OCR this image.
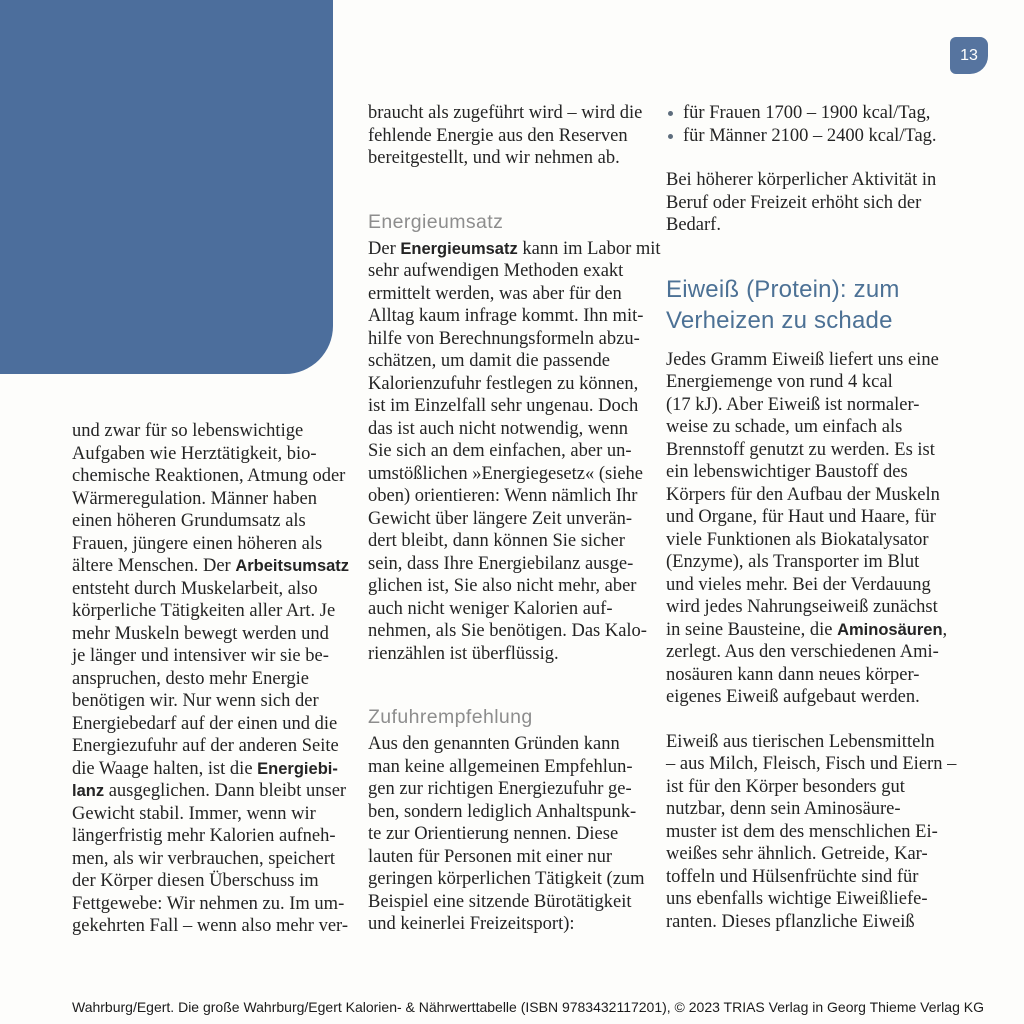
13

und zwar für so lebenswichtige
Aufgaben wie Herztätigkeit, bio-
chemische Reaktionen, Atmung oder
Wärmeregulation. Männer haben
einen höheren Grundumsatz als
Frauen, jüngere einen höheren als
ältere Menschen. Der Arbeitsumsatz
entsteht durch Muskelarbeit, also
körperliche Tätigkeiten aller Art. Je
mehr Muskeln bewegt werden und
je länger und intensiver wir sie be-
anspruchen, desto mehr Energie
benötigen wir. Nur wenn sich der
Energiebedarf auf der einen und die
Energiezufuhr auf der anderen Seite
die Waage halten, ist die Energiebi-
lanz ausgeglichen. Dann bleibt unser
Gewicht stabil. Immer, wenn wir
längerfristig mehr Kalorien aufneh-
men, als wir verbrauchen, speichert
der Körper diesen Überschuss im
Fettgewebe: Wir nehmen zu. Im um-
gekehrten Fall – wenn also mehr ver-

braucht als zugeführt wird – wird die
fehlende Energie aus den Reserven
bereitgestellt, und wir nehmen ab.

Energieumsatz

Der Energieumsatz kann im Labor mit
sehr aufwendigen Methoden exakt
ermittelt werden, was aber für den
Alltag kaum infrage kommt. Ihn mit-
hilfe von Berechnungsformeln abzu-
schätzen, um damit die passende
Kalorienzufuhr festlegen zu können,
ist im Einzelfall sehr ungenau. Doch
das ist auch nicht notwendig, wenn
Sie sich an dem einfachen, aber un-
umstößlichen »Energiegesetz« (siehe
oben) orientieren: Wenn nämlich Ihr
Gewicht über längere Zeit unverän-
dert bleibt, dann können Sie sicher
sein, dass Ihre Energiebilanz ausge-
glichen ist, Sie also nicht mehr, aber
auch nicht weniger Kalorien auf-
nehmen, als Sie benötigen. Das Kalo-
rienzählen ist überflüssig.

Zufuhrempfehlung

Aus den genannten Gründen kann
man keine allgemeinen Empfehlun-
gen zur richtigen Energiezufuhr ge-
ben, sondern lediglich Anhaltspunk-
te zur Orientierung nennen. Diese
lauten für Personen mit einer nur
geringen körperlichen Tätigkeit (zum
Beispiel eine sitzende Bürotätigkeit
und keinerlei Freizeitsport):

für Frauen 1700 – 1900 kcal/Tag,
für Männer 2100 – 2400 kcal/Tag.

Bei höherer körperlicher Aktivität in
Beruf oder Freizeit erhöht sich der
Bedarf.

Eiweiß (Protein): zum
Verheizen zu schade

Jedes Gramm Eiweiß liefert uns eine
Energiemenge von rund 4 kcal
(17 kJ). Aber Eiweiß ist normaler-
weise zu schade, um einfach als
Brennstoff genutzt zu werden. Es ist
ein lebenswichtiger Baustoff des
Körpers für den Aufbau der Muskeln
und Organe, für Haut und Haare, für
viele Funktionen als Biokatalysator
(Enzyme), als Transporter im Blut
und vieles mehr. Bei der Verdauung
wird jedes Nahrungseiweiß zunächst
in seine Bausteine, die Aminosäuren,
zerlegt. Aus den verschiedenen Ami-
nosäuren kann dann neues körper-
eigenes Eiweiß aufgebaut werden.

Eiweiß aus tierischen Lebensmitteln
– aus Milch, Fleisch, Fisch und Eiern –
ist für den Körper besonders gut
nutzbar, denn sein Aminosäure-
muster ist dem des menschlichen Ei-
weißes sehr ähnlich. Getreide, Kar-
toffeln und Hülsenfrüchte sind für
uns ebenfalls wichtige Eiweißliefe-
ranten. Dieses pflanzliche Eiweiß

Wahrburg/Egert. Die große Wahrburg/Egert Kalorien- & Nährwerttabelle (ISBN 9783432117201), © 2023 TRIAS Verlag in Georg Thieme Verlag KG
